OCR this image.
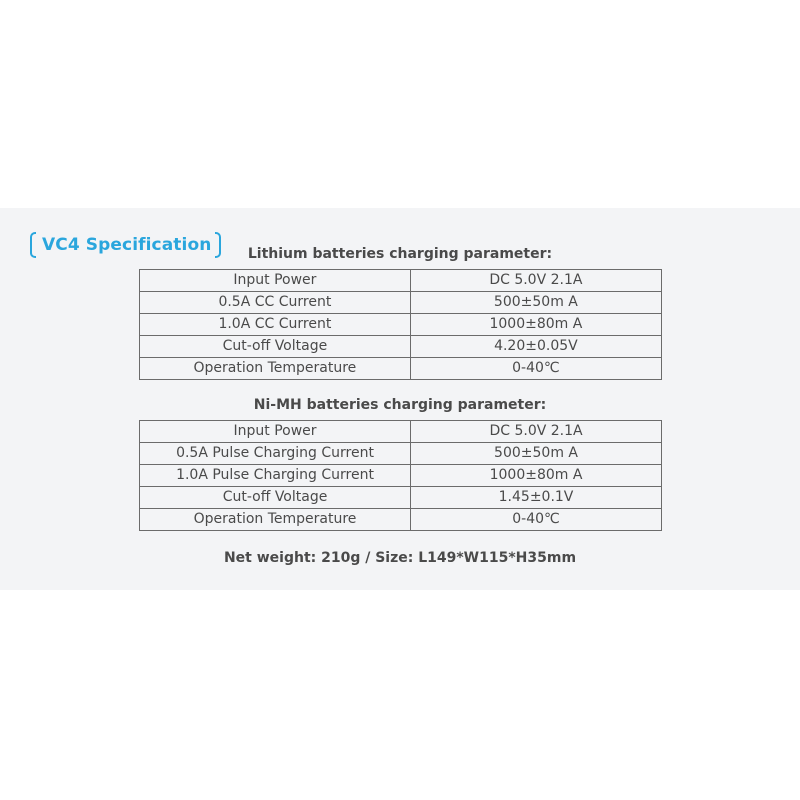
VC4 Specification	Lithium batteries charging parameter:
Input Power	DC 5.0V 2.1A
0.5A CC Current	500±50m A
1.0A CC Current	1000±80m A
Cut-off Voltage	4.20±0.05V
Operation Temperature	0-40℃
Ni-MH batteries charging parameter:
Input Power	DC 5.0V 2.1A
0.5A Pulse Charging Current	500±50m A
1.0A Pulse Charging Current	1000±80m A
Cut-off Voltage	1.45±0.1V
Operation Temperature	0-40℃
Net weight: 210g / Size: L149*W115*H35mm
